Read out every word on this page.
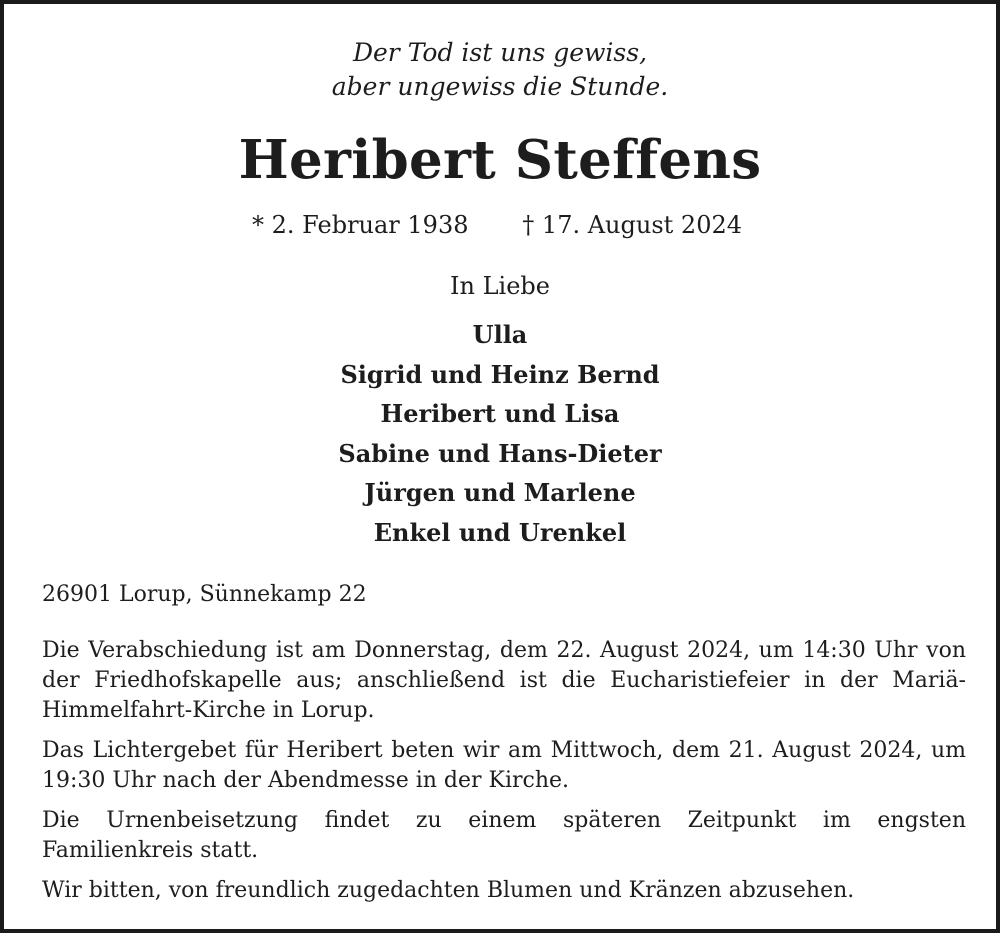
Der Tod ist uns gewiss,
aber ungewiss die Stunde.
Heribert Steffens
* 2. Februar 1938 † 17. August 2024
In Liebe
Ulla
Sigrid und Heinz Bernd
Heribert und Lisa
Sabine und Hans-Dieter
Jürgen und Marlene
Enkel und Urenkel
26901 Lorup, Sünnekamp 22

Die Verabschiedung ist am Donnerstag, dem 22. August 2024, um 14:30 Uhr von der Friedhofskapelle aus; anschließend ist die Eucharistiefeier in der Mariä-Himmelfahrt-Kirche in Lorup.

Das Lichtergebet für Heribert beten wir am Mittwoch, dem 21. August 2024, um 19:30 Uhr nach der Abendmesse in der Kirche.

Die Urnenbeisetzung findet zu einem späteren Zeitpunkt im engsten Familienkreis statt.

Wir bitten, von freundlich zugedachten Blumen und Kränzen abzusehen.
